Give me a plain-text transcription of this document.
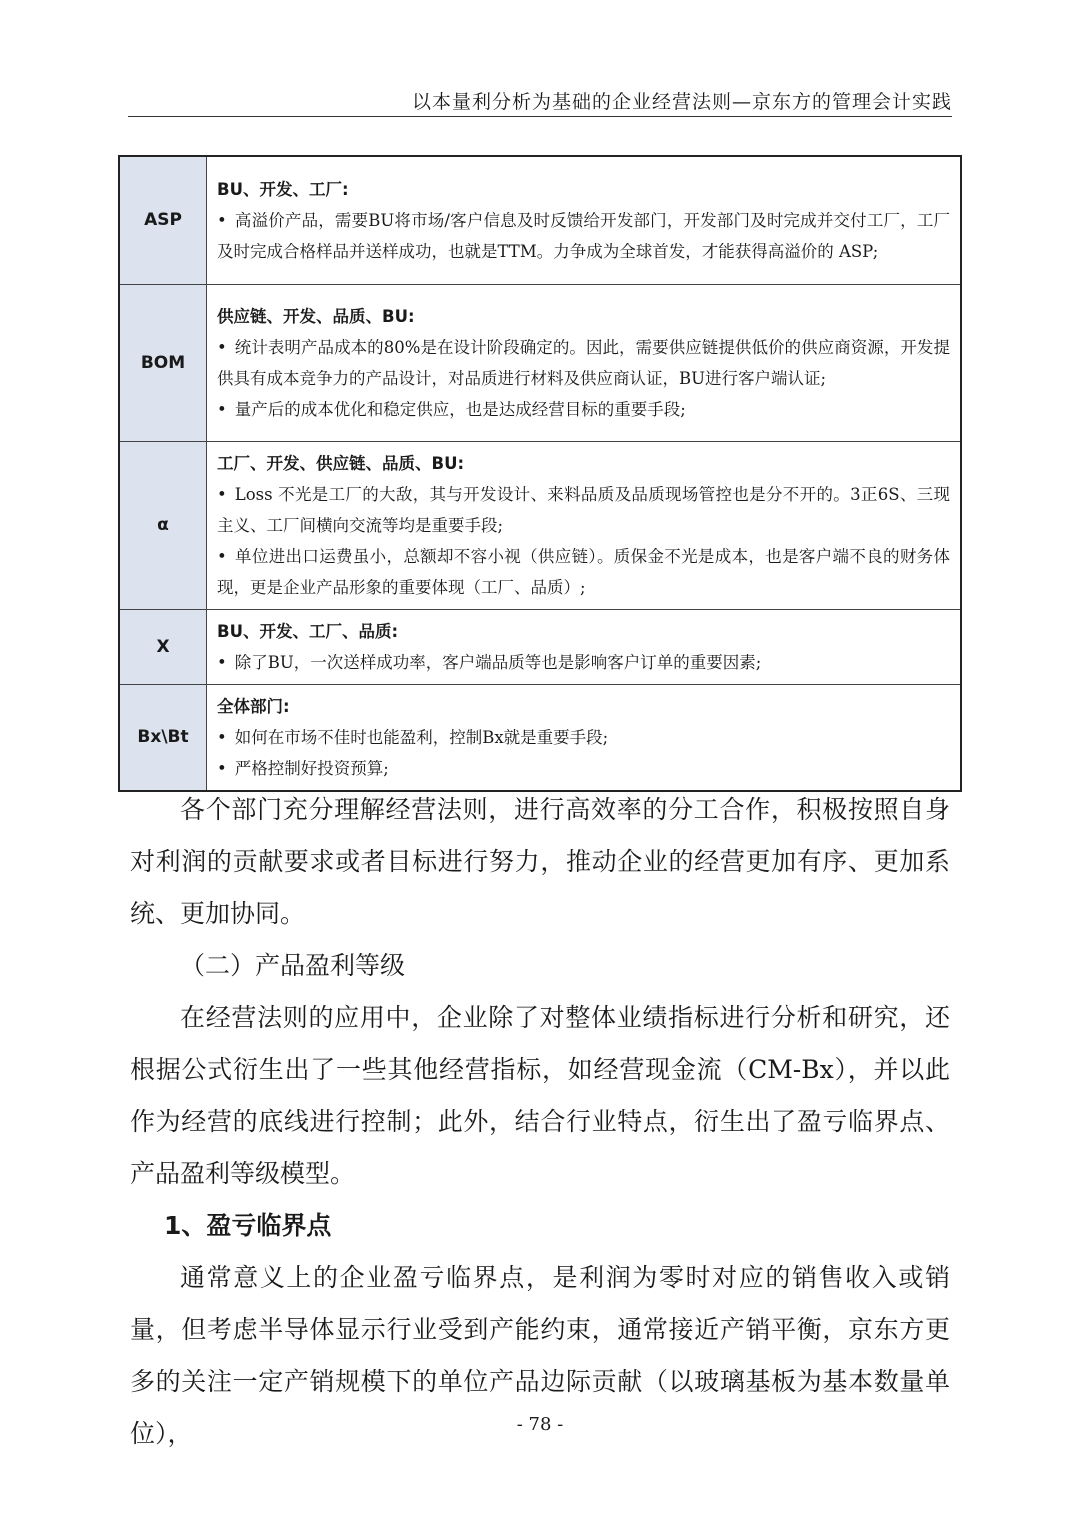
以本量利分析为基础的企业经营法则—京东方的管理会计实践
ASP	BU、开发、工厂:
• 高溢价产品，需要BU将市场/客户信息及时反馈给开发部门，开发部门及时完成并交付工厂，工厂及时完成合格样品并送样成功，也就是TTM。力争成为全球首发，才能获得高溢价的 ASP;

BOM	供应链、开发、品质、BU:
• 统计表明产品成本的80%是在设计阶段确定的。因此，需要供应链提供低价的供应商资源，开发提供具有成本竞争力的产品设计，对品质进行材料及供应商认证，BU进行客户端认证;
• 量产后的成本优化和稳定供应，也是达成经营目标的重要手段;

α	工厂、开发、供应链、品质、BU:
• Loss 不光是工厂的大敌，其与开发设计、来料品质及品质现场管控也是分不开的。3正6S、三现主义、工厂间横向交流等均是重要手段;
• 单位进出口运费虽小，总额却不容小视（供应链）。质保金不光是成本，也是客户端不良的财务体现，更是企业产品形象的重要体现（工厂、品质）;

X	BU、开发、工厂、品质:
• 除了BU，一次送样成功率，客户端品质等也是影响客户订单的重要因素;

Bx\Bt	全体部门:
• 如何在市场不佳时也能盈利，控制Bx就是重要手段;
• 严格控制好投资预算;

各个部门充分理解经营法则，进行高效率的分工合作，积极按照自身对利润的贡献要求或者目标进行努力，推动企业的经营更加有序、更加系统、更加协同。

（二）产品盈利等级

在经营法则的应用中，企业除了对整体业绩指标进行分析和研究，还根据公式衍生出了一些其他经营指标，如经营现金流（CM-Bx），并以此作为经营的底线进行控制；此外，结合行业特点，衍生出了盈亏临界点、产品盈利等级模型。

1、盈亏临界点

通常意义上的企业盈亏临界点，是利润为零时对应的销售收入或销量，但考虑半导体显示行业受到产能约束，通常接近产销平衡，京东方更多的关注一定产销规模下的单位产品边际贡献（以玻璃基板为基本数量单位），	- 78 -
